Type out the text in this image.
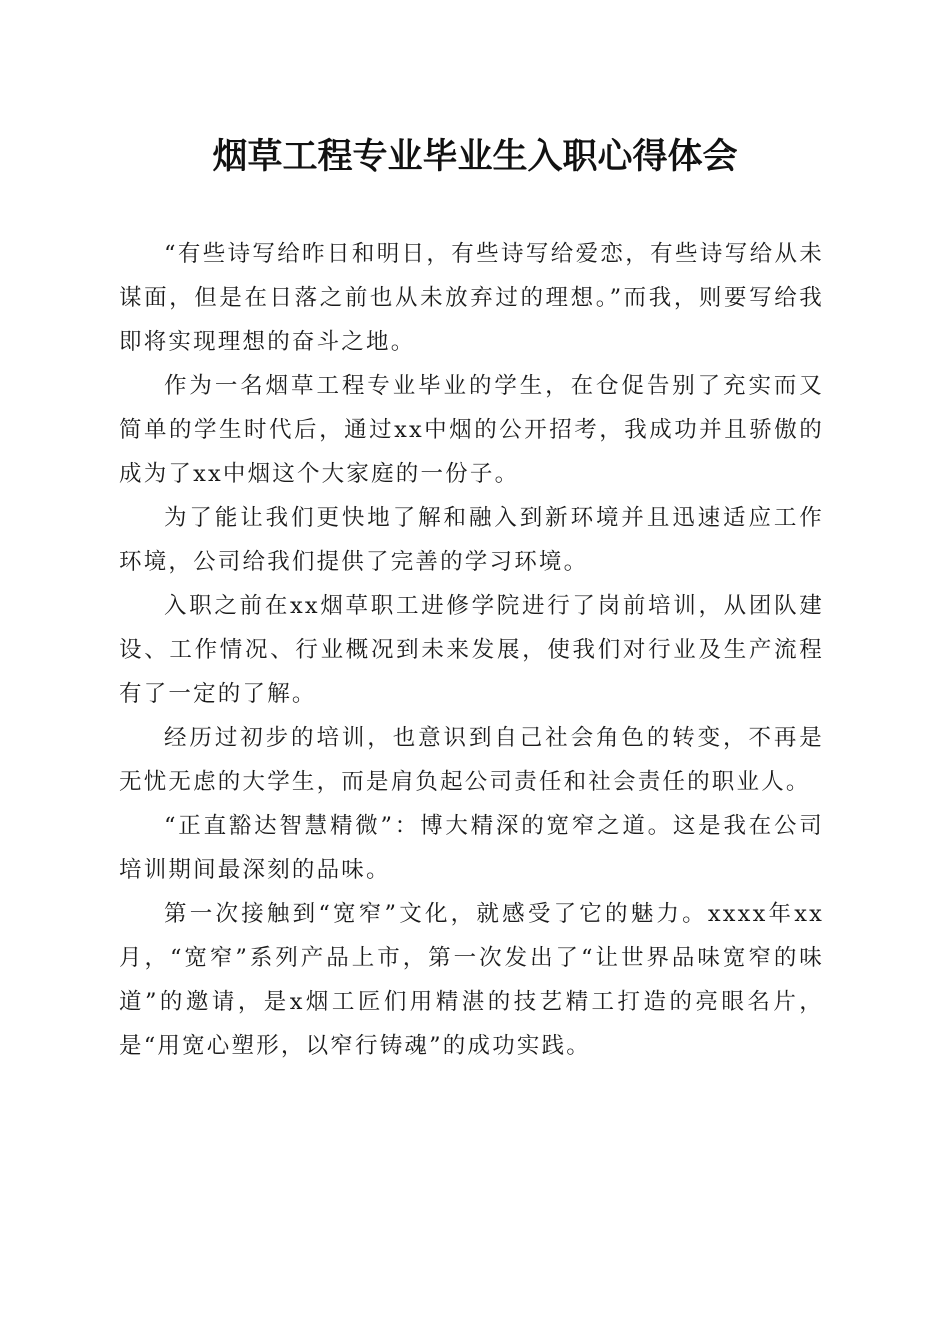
烟草工程专业毕业生入职心得体会

“有些诗写给昨日和明日，有些诗写给爱恋，有些诗写给从未谋面，但是在日落之前也从未放弃过的理想。”而我，则要写给我即将实现理想的奋斗之地。

作为一名烟草工程专业毕业的学生，在仓促告别了充实而又简单的学生时代后，通过xx中烟的公开招考，我成功并且骄傲的成为了xx中烟这个大家庭的一份子。

为了能让我们更快地了解和融入到新环境并且迅速适应工作环境，公司给我们提供了完善的学习环境。

入职之前在xx烟草职工进修学院进行了岗前培训，从团队建设、工作情况、行业概况到未来发展，使我们对行业及生产流程有了一定的了解。

经历过初步的培训，也意识到自己社会角色的转变，不再是无忧无虑的大学生，而是肩负起公司责任和社会责任的职业人。

“正直豁达智慧精微”：博大精深的宽窄之道。这是我在公司培训期间最深刻的品味。

第一次接触到“宽窄”文化，就感受了它的魅力。xxxx年xx月，“宽窄”系列产品上市，第一次发出了“让世界品味宽窄的味道”的邀请，是x烟工匠们用精湛的技艺精工打造的亮眼名片，是“用宽心塑形，以窄行铸魂”的成功实践。
